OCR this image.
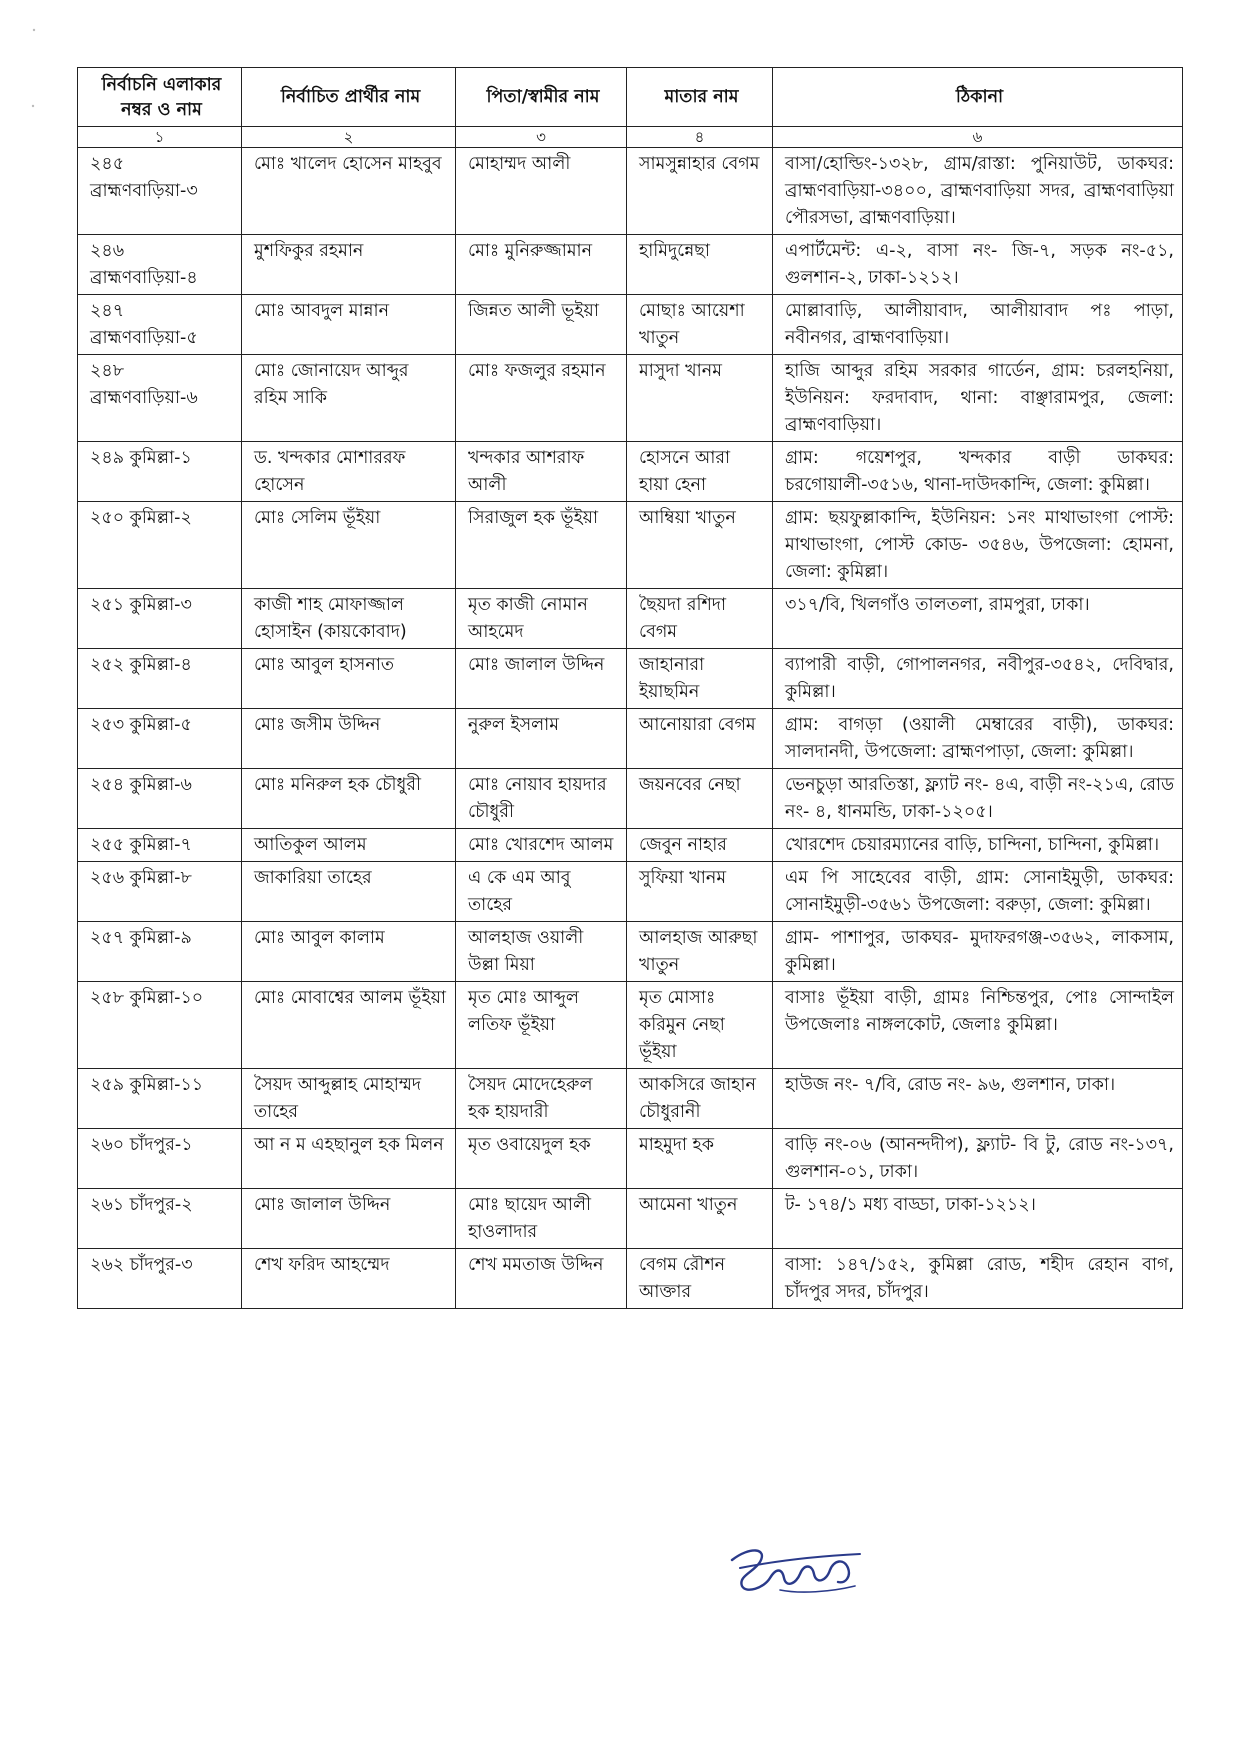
নির্বাচনি এলাকার নম্বর ও নাম	নির্বাচিত প্রার্থীর নাম	পিতা/স্বামীর নাম	মাতার নাম	ঠিকানা
১	২	৩	৪	৬
২৪৫ ব্রাহ্মণবাড়িয়া-৩	মোঃ খালেদ হোসেন মাহবুব	মোহাম্মদ আলী	সামসুন্নাহার বেগম	বাসা/হোল্ডিং-১৩২৮, গ্রাম/রাস্তা: পুনিয়াউট, ডাকঘর: ব্রাহ্মণবাড়িয়া-৩৪০০, ব্রাহ্মণবাড়িয়া সদর, ব্রাহ্মণবাড়িয়া পৌরসভা, ব্রাহ্মণবাড়িয়া।
২৪৬ ব্রাহ্মণবাড়িয়া-৪	মুশফিকুর রহমান	মোঃ মুনিরুজ্জামান	হামিদুন্নেছা	এপার্টমেন্ট: এ-২, বাসা নং- জি-৭, সড়ক নং-৫১, গুলশান-২, ঢাকা-১২১২।
২৪৭ ব্রাহ্মণবাড়িয়া-৫	মোঃ আবদুল মান্নান	জিন্নত আলী ভূইয়া	মোছাঃ আয়েশা খাতুন	মোল্লাবাড়ি, আলীয়াবাদ, আলীয়াবাদ পঃ পাড়া, নবীনগর, ব্রাহ্মণবাড়িয়া।
২৪৮ ব্রাহ্মণবাড়িয়া-৬	মোঃ জোনায়েদ আব্দুর রহিম সাকি	মোঃ ফজলুর রহমান	মাসুদা খানম	হাজি আব্দুর রহিম সরকার গার্ডেন, গ্রাম: চরলহনিয়া, ইউনিয়ন: ফরদাবাদ, থানা: বাঞ্ছারামপুর, জেলা: ব্রাহ্মণবাড়িয়া।
২৪৯ কুমিল্লা-১	ড. খন্দকার মোশাররফ হোসেন	খন্দকার আশরাফ আলী	হোসনে আরা হায়া হেনা	গ্রাম: গয়েশপুর, খন্দকার বাড়ী ডাকঘর: চরগোয়ালী-৩৫১৬, থানা-দাউদকান্দি, জেলা: কুমিল্লা।
২৫০ কুমিল্লা-২	মোঃ সেলিম ভূঁইয়া	সিরাজুল হক ভূঁইয়া	আম্বিয়া খাতুন	গ্রাম: ছয়ফুল্লাকান্দি, ইউনিয়ন: ১নং মাথাভাংগা পোস্ট: মাথাভাংগা, পোস্ট কোড- ৩৫৪৬, উপজেলা: হোমনা, জেলা: কুমিল্লা।
২৫১ কুমিল্লা-৩	কাজী শাহ মোফাজ্জাল হোসাইন (কায়কোবাদ)	মৃত কাজী নোমান আহমেদ	ছৈয়দা রশিদা বেগম	৩১৭/বি, খিলগাঁও তালতলা, রামপুরা, ঢাকা।
২৫২ কুমিল্লা-৪	মোঃ আবুল হাসনাত	মোঃ জালাল উদ্দিন	জাহানারা ইয়াছমিন	ব্যাপারী বাড়ী, গোপালনগর, নবীপুর-৩৫৪২, দেবিদ্বার, কুমিল্লা।
২৫৩ কুমিল্লা-৫	মোঃ জসীম উদ্দিন	নুরুল ইসলাম	আনোয়ারা বেগম	গ্রাম: বাগড়া (ওয়ালী মেম্বারের বাড়ী), ডাকঘর: সালদানদী, উপজেলা: ব্রাহ্মণপাড়া, জেলা: কুমিল্লা।
২৫৪ কুমিল্লা-৬	মোঃ মনিরুল হক চৌধুরী	মোঃ নোয়াব হায়দার চৌধুরী	জয়নবের নেছা	ভেনচুড়া আরতিস্তা, ফ্ল্যাট নং- ৪এ, বাড়ী নং-২১এ, রোড নং- ৪, ধানমন্ডি, ঢাকা-১২০৫।
২৫৫ কুমিল্লা-৭	আতিকুল আলম	মোঃ খোরশেদ আলম	জেবুন নাহার	খোরশেদ চেয়ারম্যানের বাড়ি, চান্দিনা, চান্দিনা, কুমিল্লা।
২৫৬ কুমিল্লা-৮	জাকারিয়া তাহের	এ কে এম আবু তাহের	সুফিয়া খানম	এম পি সাহেবের বাড়ী, গ্রাম: সোনাইমুড়ী, ডাকঘর: সোনাইমুড়ী-৩৫৬১ উপজেলা: বরুড়া, জেলা: কুমিল্লা।
২৫৭ কুমিল্লা-৯	মোঃ আবুল কালাম	আলহাজ ওয়ালী উল্লা মিয়া	আলহাজ আরুছা খাতুন	গ্রাম- পাশাপুর, ডাকঘর- মুদাফরগঞ্জ-৩৫৬২, লাকসাম, কুমিল্লা।
২৫৮ কুমিল্লা-১০	মোঃ মোবাশ্বের আলম ভূঁইয়া	মৃত মোঃ আব্দুল লতিফ ভূঁইয়া	মৃত মোসাঃ করিমুন নেছা ভূঁইয়া	বাসাঃ ভূঁইয়া বাড়ী, গ্রামঃ নিশ্চিন্তপুর, পোঃ সোন্দাইল উপজেলাঃ নাঙ্গলকোট, জেলাঃ কুমিল্লা।
২৫৯ কুমিল্লা-১১	সৈয়দ আব্দুল্লাহ মোহাম্মদ তাহের	সৈয়দ মোদেহেরুল হক হায়দারী	আকসিরে জাহান চৌধুরানী	হাউজ নং- ৭/বি, রোড নং- ৯৬, গুলশান, ঢাকা।
২৬০ চাঁদপুর-১	আ ন ম এহছানুল হক মিলন	মৃত ওবায়েদুল হক	মাহমুদা হক	বাড়ি নং-০৬ (আনন্দদীপ), ফ্ল্যাট- বি টু, রোড নং-১৩৭, গুলশান-০১, ঢাকা।
২৬১ চাঁদপুর-২	মোঃ জালাল উদ্দিন	মোঃ ছায়েদ আলী হাওলাদার	আমেনা খাতুন	ট- ১৭৪/১ মধ্য বাড্ডা, ঢাকা-১২১২।
২৬২ চাঁদপুর-৩	শেখ ফরিদ আহম্মেদ	শেখ মমতাজ উদ্দিন	বেগম রৌশন আক্তার	বাসা: ১৪৭/১৫২, কুমিল্লা রোড, শহীদ রেহান বাগ, চাঁদপুর সদর, চাঁদপুর।
